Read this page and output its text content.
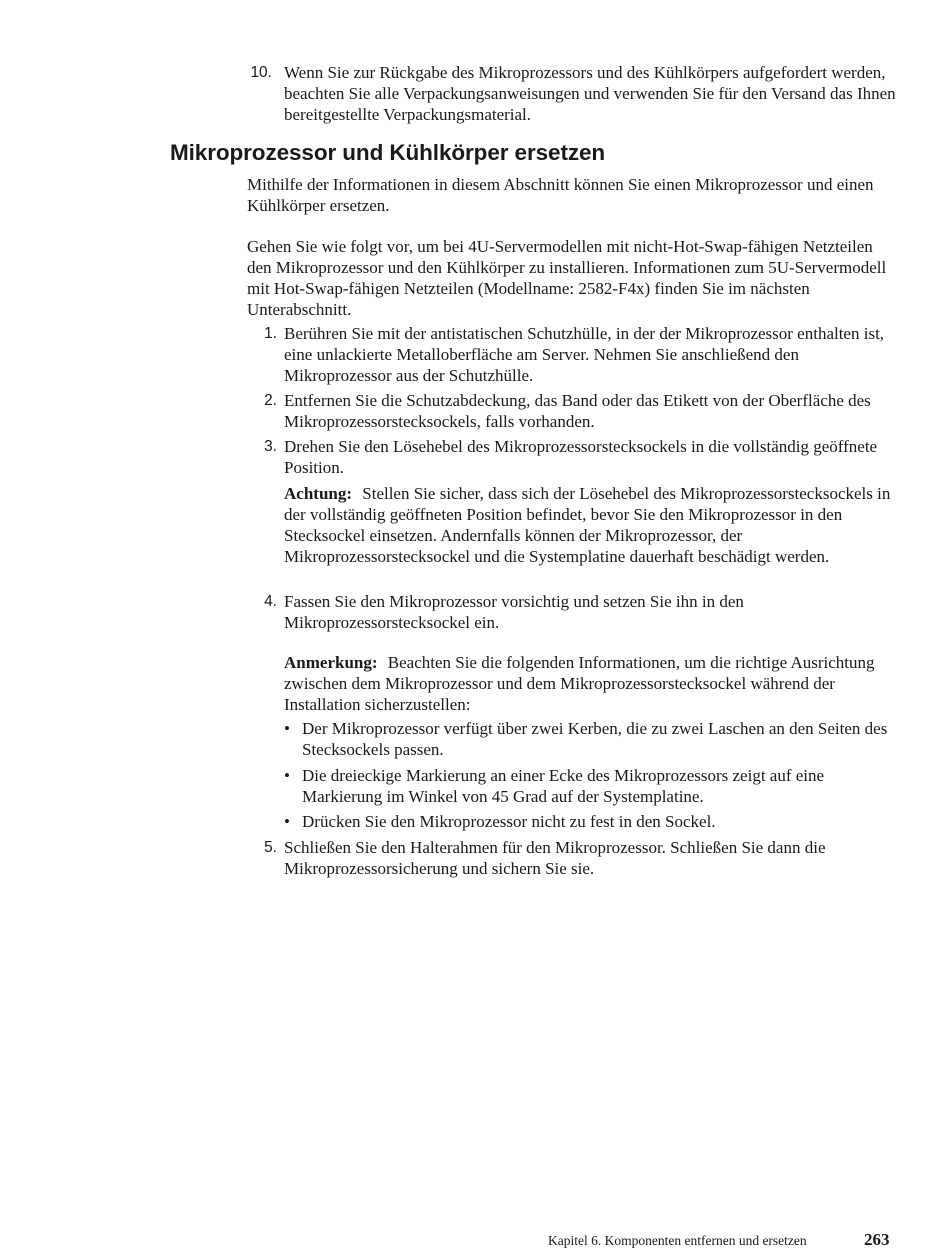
10. Wenn Sie zur Rückgabe des Mikroprozessors und des Kühlkörpers aufgefordert werden, beachten Sie alle Verpackungsanweisungen und verwenden Sie für den Versand das Ihnen bereitgestellte Verpackungsmaterial.
Mikroprozessor und Kühlkörper ersetzen

Mithilfe der Informationen in diesem Abschnitt können Sie einen Mikroprozessor und einen Kühlkörper ersetzen.

Gehen Sie wie folgt vor, um bei 4U-Servermodellen mit nicht-Hot-Swap-fähigen Netzteilen den Mikroprozessor und den Kühlkörper zu installieren. Informationen zum 5U-Servermodell mit Hot-Swap-fähigen Netzteilen (Modellname: 2582-F4x) finden Sie im nächsten Unterabschnitt.

1. Berühren Sie mit der antistatischen Schutzhülle, in der der Mikroprozessor enthalten ist, eine unlackierte Metalloberfläche am Server. Nehmen Sie anschließend den Mikroprozessor aus der Schutzhülle.
2. Entfernen Sie die Schutzabdeckung, das Band oder das Etikett von der Oberfläche des Mikroprozessorstecksockels, falls vorhanden.
3. Drehen Sie den Lösehebel des Mikroprozessorstecksockels in die vollständig geöffnete Position.

Achtung: Stellen Sie sicher, dass sich der Lösehebel des Mikroprozessorstecksockels in der vollständig geöffneten Position befindet, bevor Sie den Mikroprozessor in den Stecksockel einsetzen. Andernfalls können der Mikroprozessor, der Mikroprozessorstecksockel und die Systemplatine dauerhaft beschädigt werden.

4. Fassen Sie den Mikroprozessor vorsichtig und setzen Sie ihn in den Mikroprozessorstecksockel ein.

Anmerkung: Beachten Sie die folgenden Informationen, um die richtige Ausrichtung zwischen dem Mikroprozessor und dem Mikroprozessorstecksockel während der Installation sicherzustellen:

• Der Mikroprozessor verfügt über zwei Kerben, die zu zwei Laschen an den Seiten des Stecksockels passen.
• Die dreieckige Markierung an einer Ecke des Mikroprozessors zeigt auf eine Markierung im Winkel von 45 Grad auf der Systemplatine.
• Drücken Sie den Mikroprozessor nicht zu fest in den Sockel.
5. Schließen Sie den Halterahmen für den Mikroprozessor. Schließen Sie dann die Mikroprozessorsicherung und sichern Sie sie.
Kapitel 6. Komponenten entfernen und ersetzen	263
